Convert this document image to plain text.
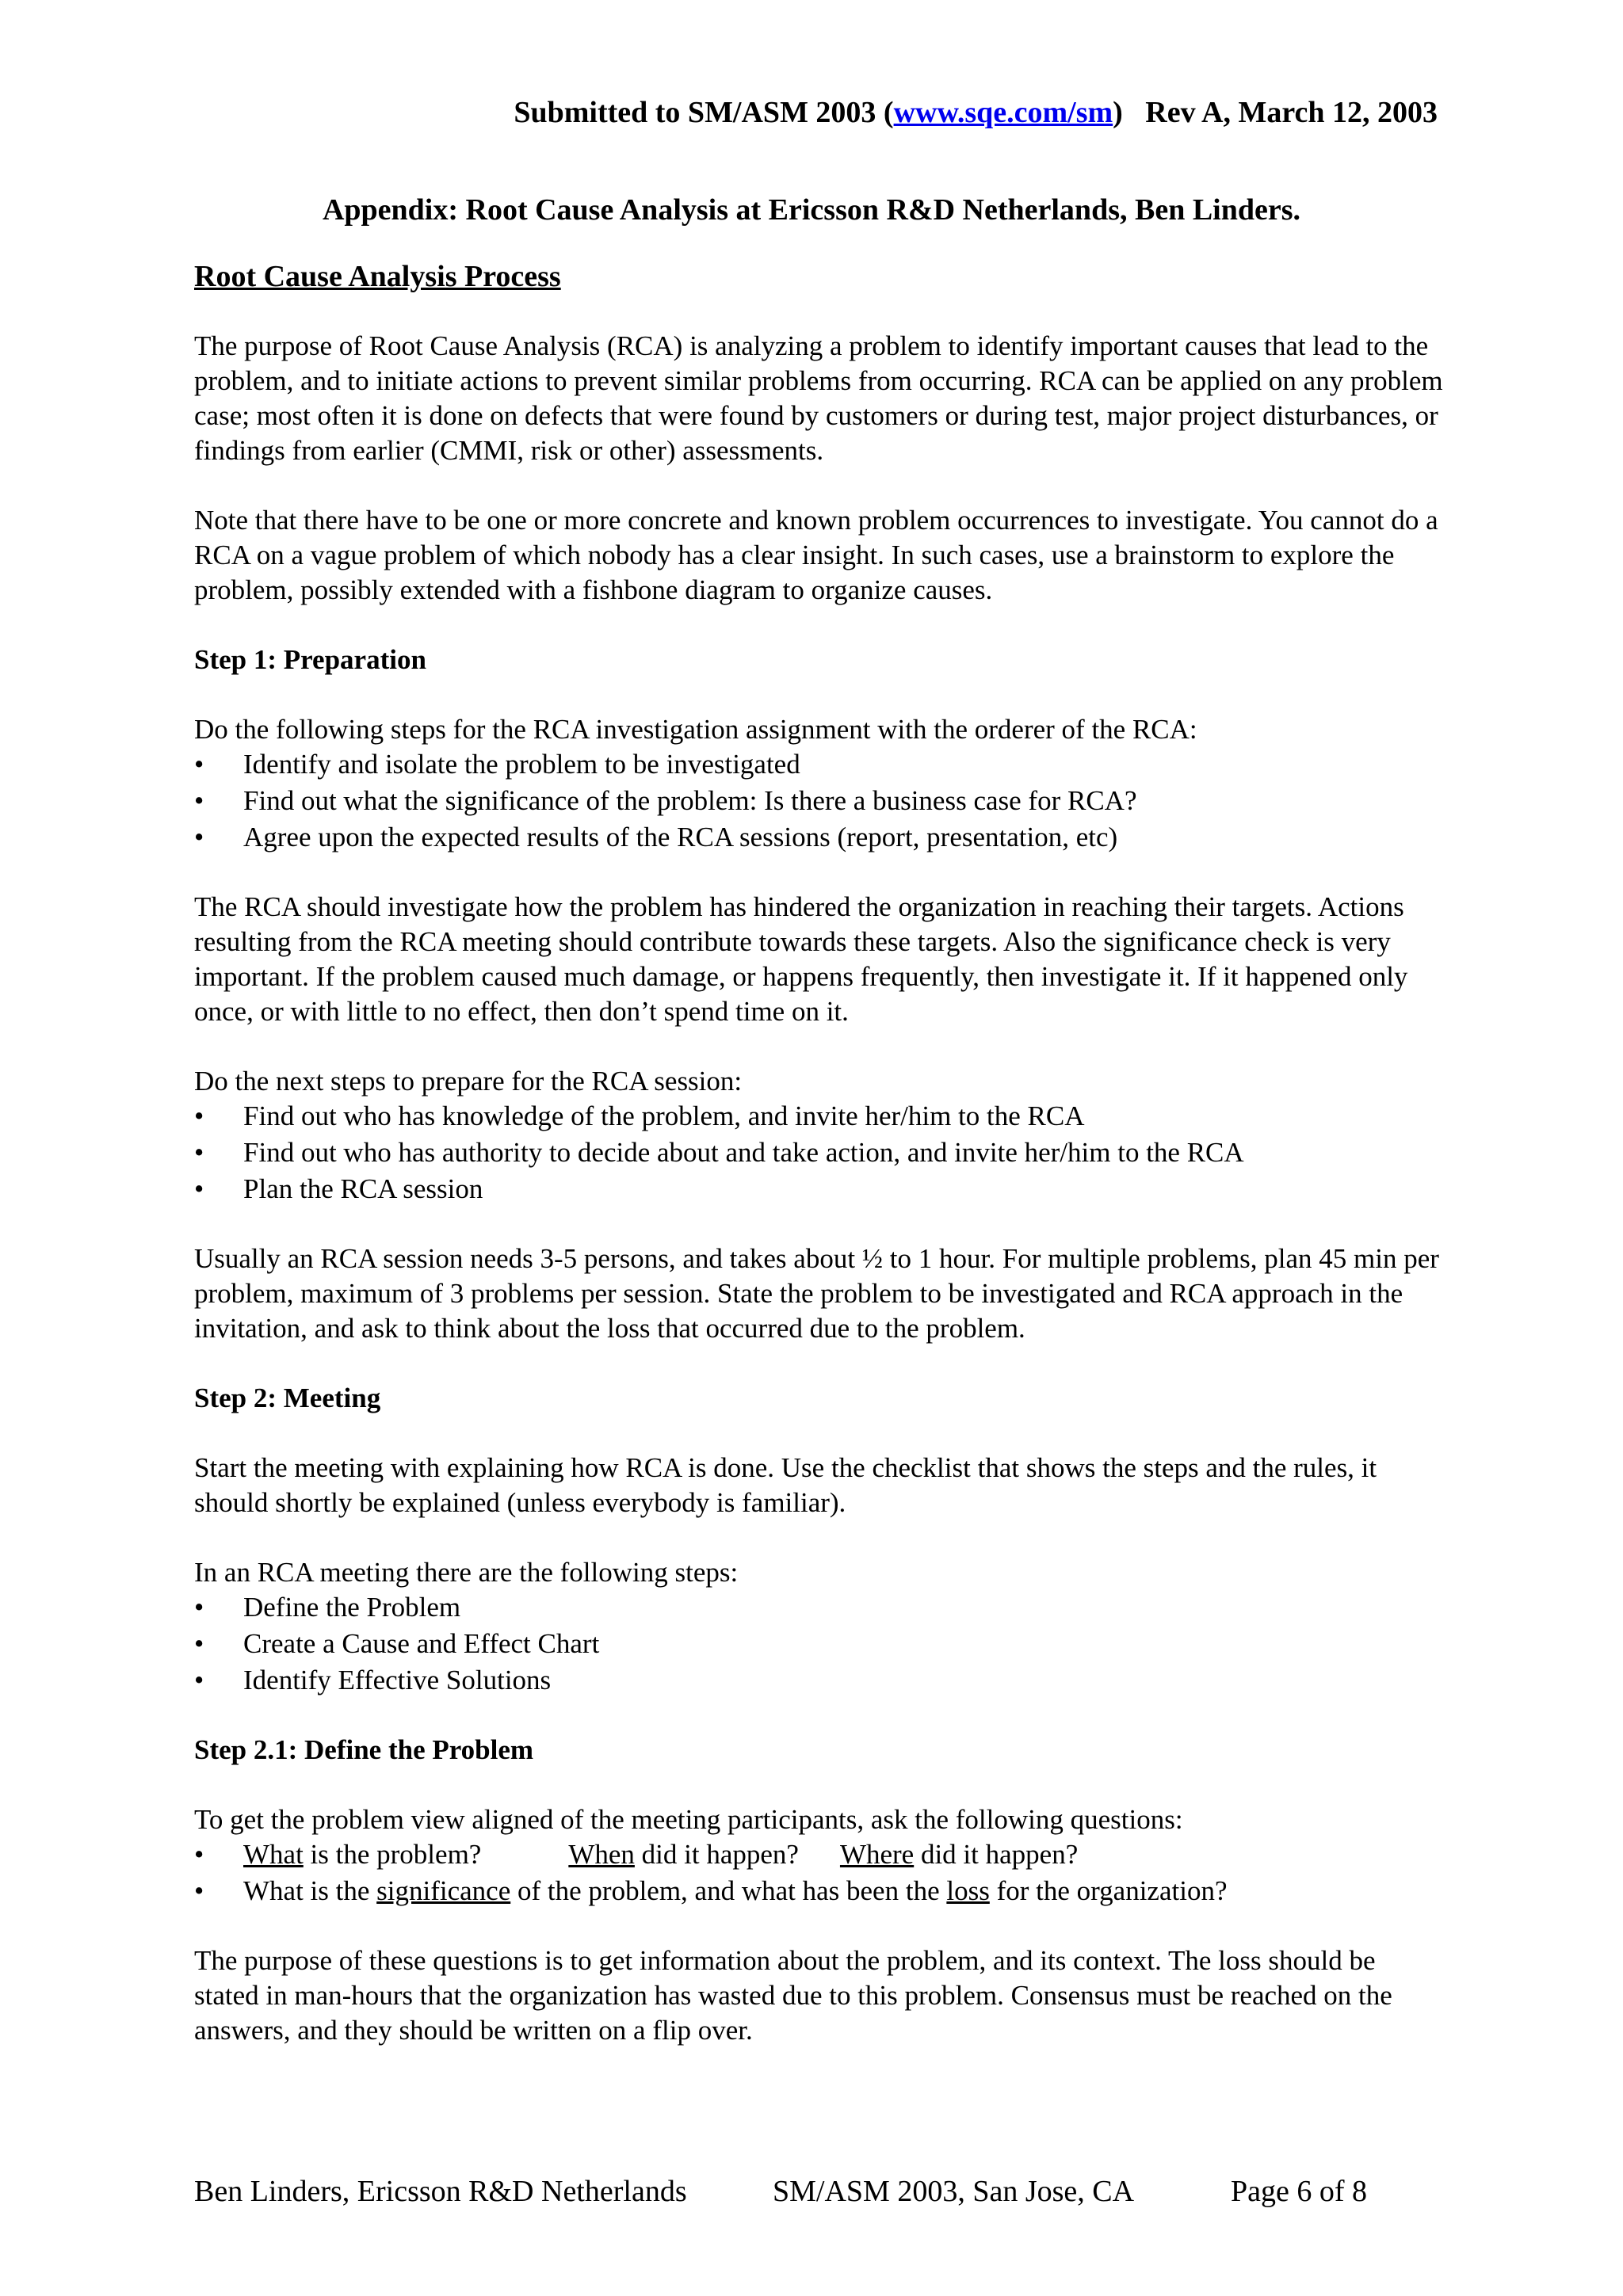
Submitted to SM/ASM 2003 (www.sqe.com/sm)   Rev A, March 12, 2003
Appendix: Root Cause Analysis at Ericsson R&D Netherlands, Ben Linders.
Root Cause Analysis Process

The purpose of Root Cause Analysis (RCA) is analyzing a problem to identify important causes that lead to the problem, and to initiate actions to prevent similar problems from occurring. RCA can be applied on any problem case; most often it is done on defects that were found by customers or during test, major project disturbances, or findings from earlier (CMMI, risk or other) assessments.

Note that there have to be one or more concrete and known problem occurrences to investigate. You cannot do a RCA on a vague problem of which nobody has a clear insight. In such cases, use a brainstorm to explore the problem, possibly extended with a fishbone diagram to organize causes.

Step 1: Preparation

Do the following steps for the RCA investigation assignment with the orderer of the RCA:

• Identify and isolate the problem to be investigated
• Find out what the significance of the problem: Is there a business case for RCA?
• Agree upon the expected results of the RCA sessions (report, presentation, etc)

The RCA should investigate how the problem has hindered the organization in reaching their targets. Actions resulting from the RCA meeting should contribute towards these targets. Also the significance check is very important. If the problem caused much damage, or happens frequently, then investigate it. If it happened only once, or with little to no effect, then don’t spend time on it.

Do the next steps to prepare for the RCA session:

• Find out who has knowledge of the problem, and invite her/him to the RCA
• Find out who has authority to decide about and take action, and invite her/him to the RCA
• Plan the RCA session

Usually an RCA session needs 3-5 persons, and takes about ½ to 1 hour. For multiple problems, plan 45 min per problem, maximum of 3 problems per session. State the problem to be investigated and RCA approach in the invitation, and ask to think about the loss that occurred due to the problem.

Step 2: Meeting

Start the meeting with explaining how RCA is done. Use the checklist that shows the steps and the rules, it should shortly be explained (unless everybody is familiar).

In an RCA meeting there are the following steps:

• Define the Problem
• Create a Cause and Effect Chart
• Identify Effective Solutions
Step 2.1: Define the Problem

To get the problem view aligned of the meeting participants, ask the following questions:

• What is the problem?	When did it happen? Where did it happen?
• What is the significance of the problem, and what has been the loss for the organization?

The purpose of these questions is to get information about the problem, and its context. The loss should be stated in man-hours that the organization has wasted due to this problem. Consensus must be reached on the answers, and they should be written on a flip over.

Ben Linders, Ericsson R&D Netherlands	SM/ASM 2003, San Jose, CA	Page 6 of 8
